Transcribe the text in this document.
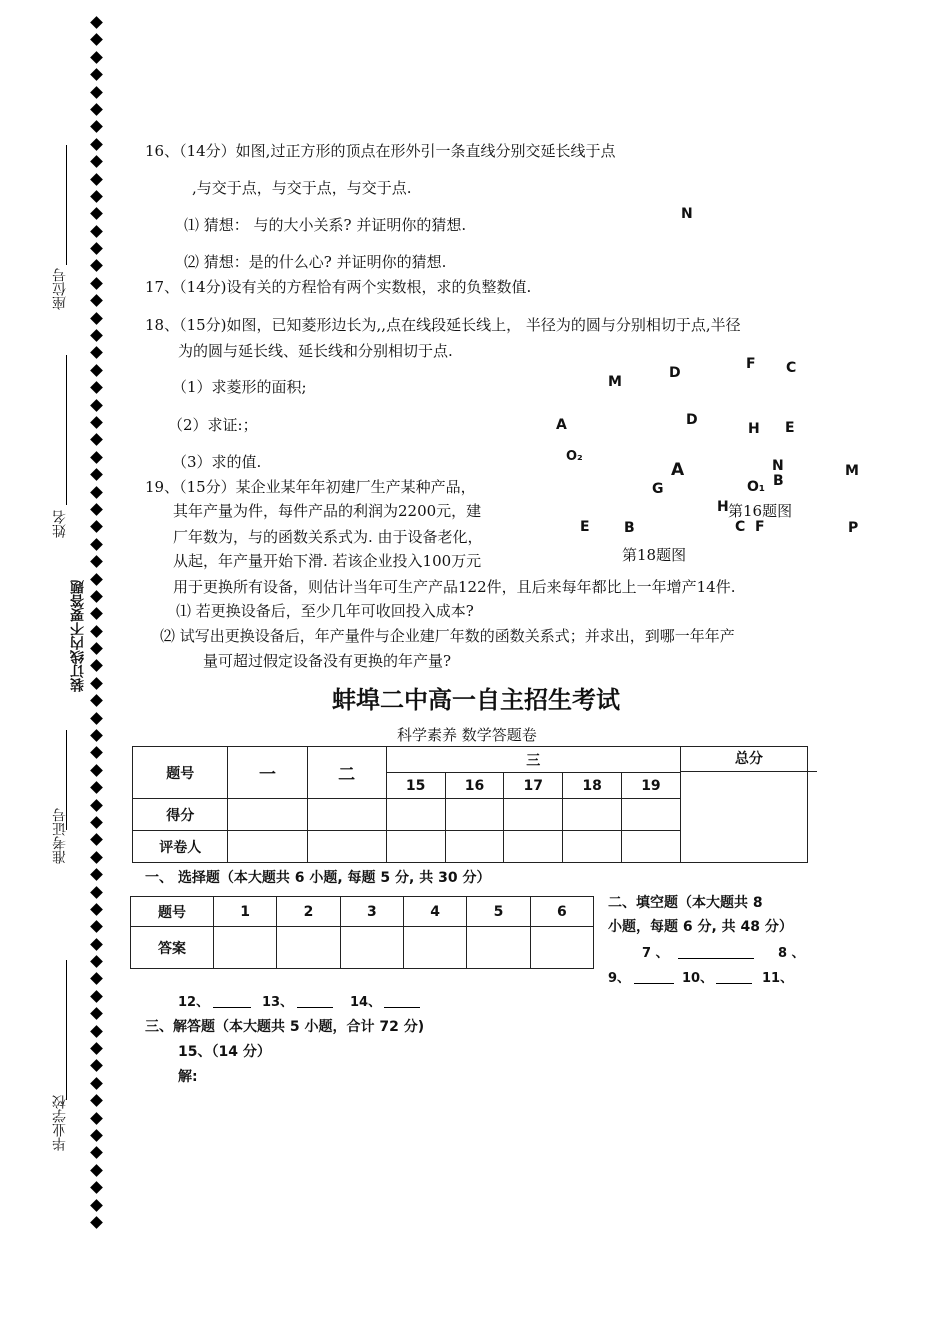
座位号
姓名
装订线内不要答题
准考证号
毕业学校
16、（14分）如图,过正方形的顶点在形外引一条直线分别交延长线于点
,与交于点，与交于点，与交于点.
⑴ 猜想： 与的大小关系? 并证明你的猜想.
⑵ 猜想：是的什么心? 并证明你的猜想.
17、（14分)设有关的方程恰有两个实数根，求的负整数值.
18、（15分)如图，已知菱形边长为,,点在线段延长线上， 半径为的圆与分别相切于点,半径
为的圆与延长线、延长线和分别相切于点.
（1）求菱形的面积;
（2）求证:；
（3）求的值.
19、（15分）某企业某年年初建厂生产某种产品，
其年产量为件，每件产品的利润为2200元，建
厂年数为，与的函数关系式为. 由于设备老化，
从起，年产量开始下滑. 若该企业投入100万元
用于更换所有设备，则估计当年可生产产品122件，且后来每年都比上一年增产14件.
⑴ 若更换设备后，至少几年可收回投入成本?
⑵ 试写出更换设备后，年产量件与企业建厂年数的函数关系式；并求出，到哪一年年产
量可超过假定设备没有更换的年产量?
N
M
D
F C
A	D
H E
O₂
A	N	M
G	O₁ B
H 第16题图
E B	C F	P
第18题图
蚌埠二中高一自主招生考试
科学素养 数学答题卷
题号	一	二	三					总分

			15	16	17	18	19	
得分								
评卷人								
一、 选择题（本大题共 6 小题, 每题 5 分, 共 30 分）
题号	1	2	3	4	5	6
答案						
二、填空题（本大题共 8
小题，每题 6 分, 共 48 分）
7 、	8 、
9、	10、	11、
12、	13、	14、
三、解答题（本大题共 5 小题，合计 72 分)
15、（14 分）
解:
